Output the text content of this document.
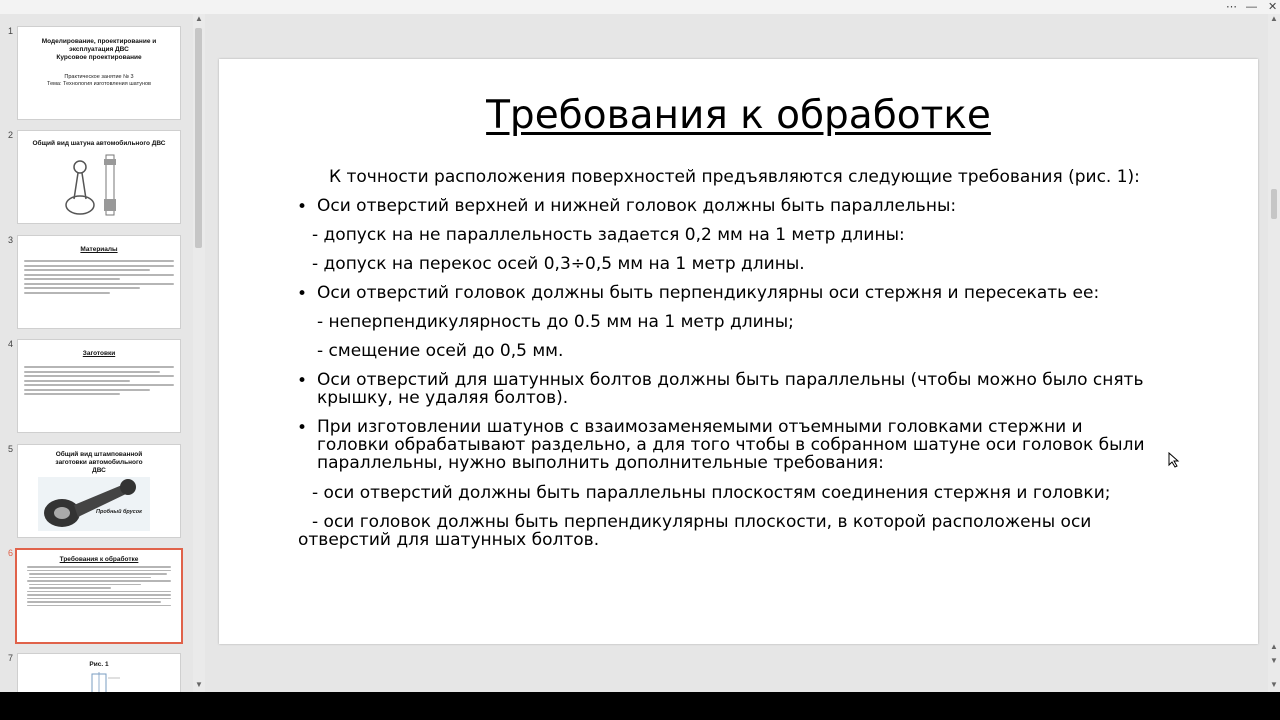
⋯ — ✕
1
Моделирование, проектирование и
эксплуатация ДВС
Курсовое проектирование
Практическое занятие № 3
Тема: Технология изготовления шатунов
2
Общий вид шатуна автомобильного ДВС
3
Материалы
4
Заготовки
5
Общий вид штампованной заготовки автомобильного ДВС
Пробный брусок
6
Требования к обработке
7
Рис. 1
▲
▼
Требования к обработке
К точности расположения поверхностей предъявляются следующие требования (рис. 1):
• Оси отверстий верхней и нижней головок должны быть параллельны:
- допуск на не параллельность задается 0,2 мм на 1 метр длины:
- допуск на перекос осей 0,3÷0,5 мм на 1 метр длины.
• Оси отверстий головок должны быть перпендикулярны оси стержня и пересекать ее:
- неперпендикулярность до 0.5 мм на 1 метр длины;
- смещение осей до 0,5 мм.
• Оси отверстий для шатунных болтов должны быть параллельны (чтобы можно было снять
крышку, не удаляя болтов).
• При изготовлении шатунов с взаимозаменяемыми отъемными головками стержни и
головки обрабатывают раздельно, а для того чтобы в собранном шатуне оси головок были
параллельны, нужно выполнить дополнительные требования:
- оси отверстий должны быть параллельны плоскостям соединения стержня и головки;
- оси головок должны быть перпендикулярны плоскости, в которой расположены оси
отверстий для шатунных болтов.
▲
▲
▼
▼
